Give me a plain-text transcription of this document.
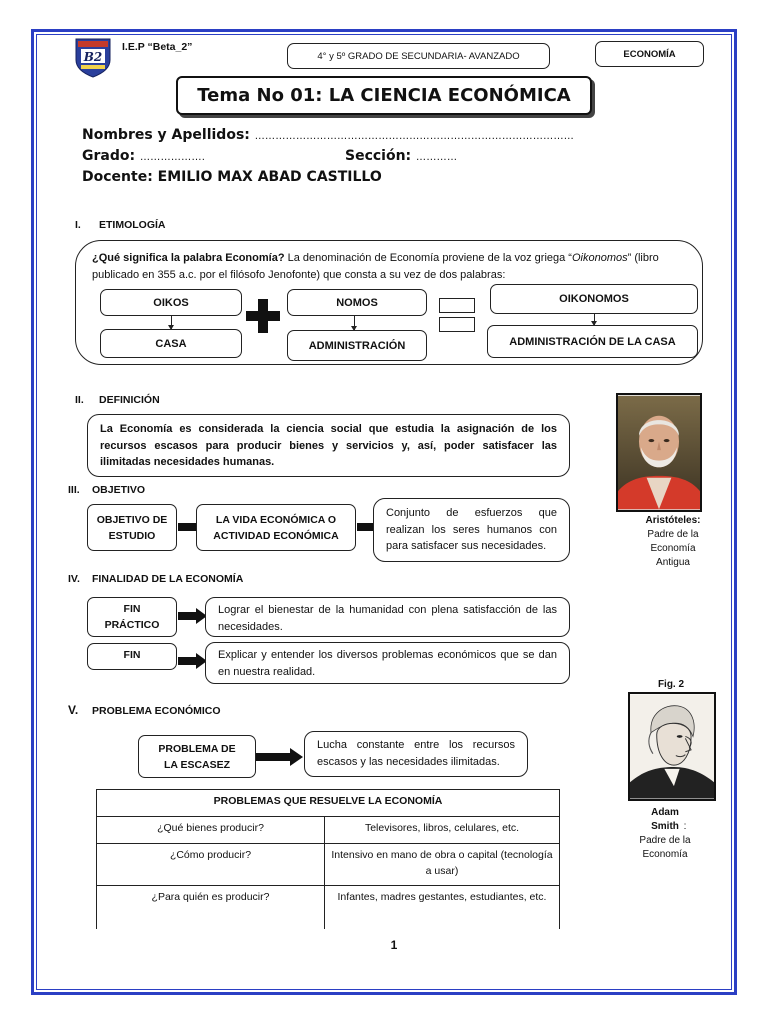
B2
I.E.P “Beta_2”
4° y 5º GRADO DE SECUNDARIA- AVANZADO	ECONOMÍA
Tema No 01: LA CIENCIA ECONÓMICA
Nombres y Apellidos: …………………………………………………………………………………
Grado: ……………….	Sección: …………
Docente: EMILIO MAX ABAD CASTILLO
I. ETIMOLOGÍA
¿Qué significa la palabra Economía? La denominación de Economía proviene de la voz griega “Oikonomos” (libro publicado en 355 a.c. por el filósofo Jenofonte) que consta a su vez de dos palabras:
OIKOS
CASA
NOMOS
ADMINISTRACIÓN
OIKONOMOS
ADMINISTRACIÓN DE LA CASA
II. DEFINICIÓN
La Economía es considerada la ciencia social que estudia la asignación de los recursos escasos para producir bienes y servicios y, así, poder satisfacer las ilimitadas necesidades humanas.
III. OBJETIVO
OBJETIVO DE ESTUDIO
LA VIDA ECONÓMICA O ACTIVIDAD ECONÓMICA
Conjunto de esfuerzos que realizan los seres humanos con para satisfacer sus necesidades.
Aristóteles:
Padre de la Economía Antigua
IV. FINALIDAD DE LA ECONOMÍA
FIN PRÁCTICO
Lograr el bienestar de la humanidad con plena satisfacción de las necesidades.
FIN	Explicar y entender los diversos problemas económicos que se dan en nuestra realidad.
Fig. 2
Adam Smith :
Padre de la Economía
V. PROBLEMA ECONÓMICO
PROBLEMA DE LA ESCASEZ
Lucha constante entre los recursos escasos y las necesidades ilimitadas.
PROBLEMAS QUE RESUELVE LA ECONOMÍA	
¿Qué bienes producir?	Televisores, libros, celulares, etc.
¿Cómo producir?	Intensivo en mano de obra o capital (tecnología a usar)
¿Para quién es producir?	Infantes, madres gestantes, estudiantes, etc.
1
